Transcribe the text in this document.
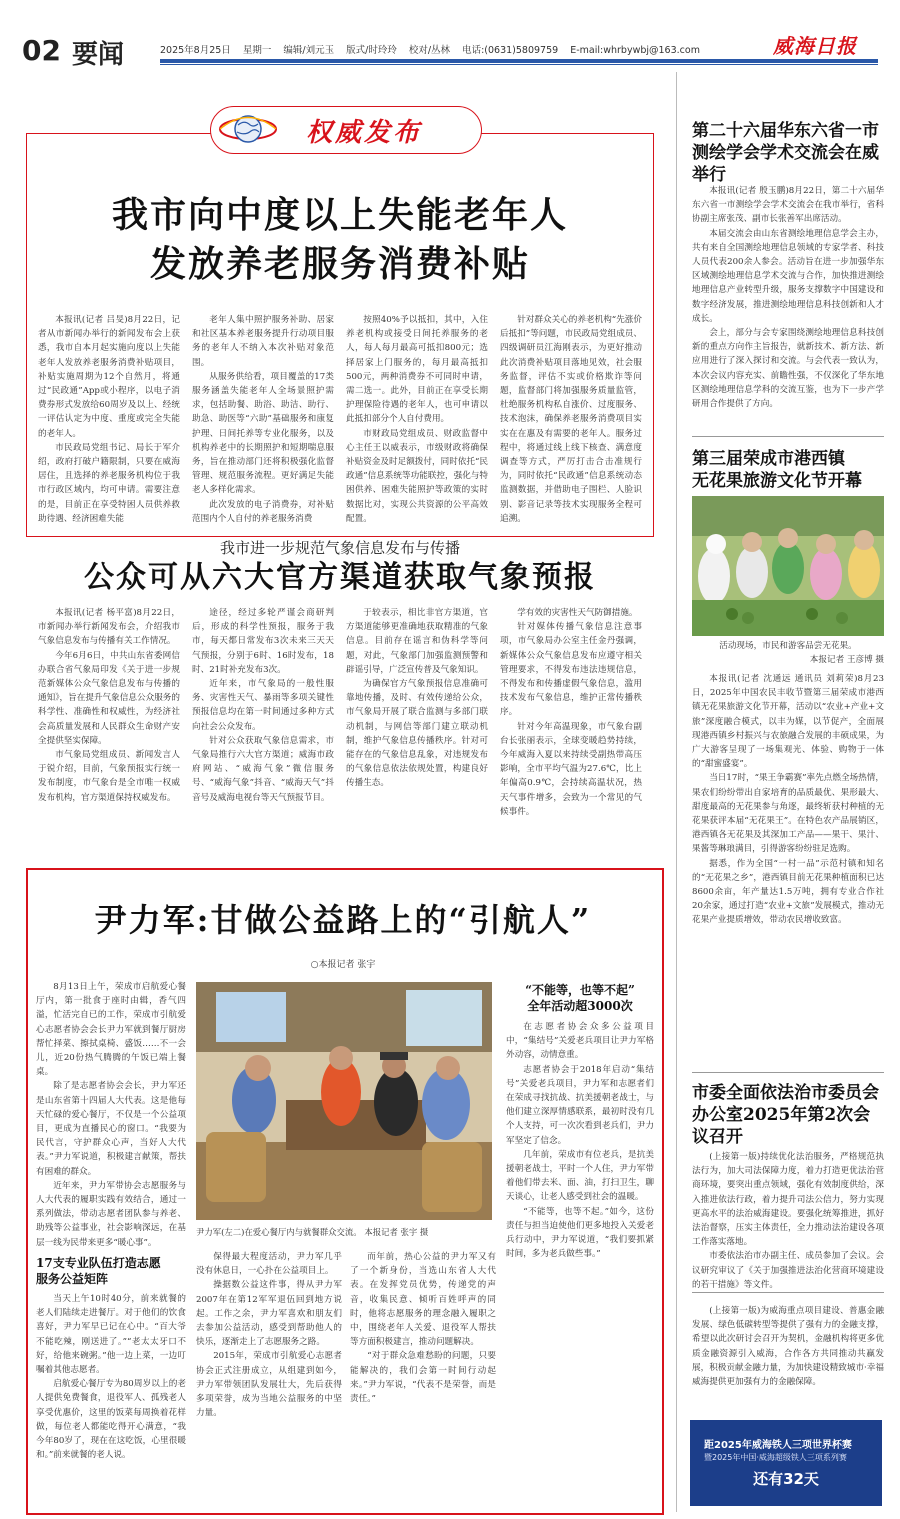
02 要闻	2025年8月25日 星期一 编辑/刘元玉 版式/时玲玲 校对/丛林 电话:(0631)5809759 E-mail:whrbywbj@163.com	威海日报
权威发布
我市向中度以上失能老年人
发放养老服务消费补贴

本报讯(记者 吕旻)8月22日，记者从市新闻办举行的新闻发布会上获悉，我市自本月起实施向度以上失能老年人发放养老服务消费补贴项目，补贴实施周期为12个自然月，将通过“民政通”App或小程序，以电子消费券形式发放给60周岁及以上、经统一评估认定为中度、重度或完全失能的老年人。

市民政局党组书记、局长于军介绍，政府打破户籍限制，只要在威海居住，且选择的养老服务机构位于我市行政区域内，均可申请。需要注意的是，目前正在享受特困人员供养救助待遇、经济困难失能

老年人集中照护服务补助、居家和社区基本养老服务提升行动项目服务的老年人不纳入本次补贴对象范围。

从服务供给看，项目覆盖的17类服务涵盖失能老年人全场景照护需求，包括助餐、助浴、助洁、助行、助急、助医等“六助”基础服务和康复护理、日间托养等专业化服务，以及机构养老中的长期照护和短期喘息服务，旨在推动部门还将积极强化监督管理、规范服务流程。更好满足失能老人多样化需求。

此次发放的电子消费券，对补贴范围内个人自付的养老服务消费

按照40%予以抵扣，其中，入住养老机构或接受日间托养服务的老人，每人每月最高可抵扣800元；选择居家上门服务的，每月最高抵扣500元，两种消费券不可同时申请，需二选一。此外，目前正在享受长期护理保险待遇的老年人，也可申请以此抵扣部分个人自付费用。

市财政局党组成员、财政监督中心主任王以威表示，市级财政将确保补贴资金及时足额拨付，同时依托“民政通”信息系统等功能联控，强化与特困供养、困难失能照护等政策的实时数据比对，实现公共资源的公平高效配置。

针对群众关心的养老机构“先涨价后抵扣”等问题，市民政局党组成员、四级调研员江海刚表示，为更好推动此次消费补贴项目落地见效，社会服务监督，评估不实或价格欺诈等问题，监督部门将加强服务质量监管，杜绝服务机构私自涨价、过度服务、技术泡沫，确保养老服务消费项目实实在在惠及有需要的老年人。服务过程中，将通过线上线下核查、满意度调查等方式，严厉打击合击准规行为，同时依托“民政通”信息系统动态监测数据，并借助电子围栏、人脸识别、影音记录等技术实现服务全程可追溯。

我市进一步规范气象信息发布与传播
公众可从六大官方渠道获取气象预报

本报讯(记者 杨平富)8月22日，市新闻办举行新闻发布会，介绍我市气象信息发布与传播有关工作情况。

今年6月6日，中共山东省委网信办联合省气象局印发《关于进一步规范新媒体公众气象信息发布与传播的通知》，旨在提升气象信息公众服务的科学性、准确性和权威性，为经济社会高质量发展和人民群众生命财产安全提供坚实保障。

市气象局党组成员、新闻发言人于锐介绍，目前，气象预报实行统一发布制度，市气象台是全市唯一权威发布机构，官方渠道保持权威发布。

途径，经过多轮严谨会商研判后，形成的科学性预报，服务于我市，每天都日常发布3次未来三天天气预报，分别于6时、16时发布，18时、21时补充发布3次。

近年来，市气象局的一般性服务、灾害性天气、暴雨等多项关键性预报信息均在第一时间通过多种方式向社会公众发布。

针对公众获取气象信息需求，市气象局推行六大官方渠道；威海市政府网站、“威海气象”微信服务号、“威海气象”抖音、“威海天气”抖音号及威海电视台等天气预报节目。

于较表示，相比非官方渠道，官方渠道能够更准确地获取精准的气象信息。目前存在谣言和伪科学等问题，对此，气象部门加强监测预警和辟谣引导，广泛宣传普及气象知识。

为确保官方气象预报信息准确可靠地传播，及时、有效传递给公众，市气象局开展了联合监测与多部门联动机制，与网信等部门建立联动机制，维护气象信息传播秩序。针对可能存在的气象信息乱象，对违规发布的气象信息依法依规处置，构建良好传播生态。

学有效的灾害性天气防御措施。

针对媒体传播气象信息注意事项，市气象局办公室主任金丹强调，新媒体公众气象信息发布应遵守相关管理要求，不得发布违法违规信息，不得发布和传播虚假气象信息，滥用技术发布气象信息，维护正常传播秩序。

针对今年高温现象，市气象台副台长张丽表示，全球变暖趋势持续，今年威海入夏以来持续受副热带高压影响，全市平均气温为27.6℃，比上年偏高0.9℃，会持续高温状况，热天气事件增多，会致为一个常见的气候事件。

尹力军:甘做公益路上的“引航人”
○本报记者 张宇

8月13日上午，荣成市启航爱心餐厅内，第一批食于座时由辑，香气四溢，忙活完自已的工作，荣成市引航爱心志愿者协会会长尹力军就到餐厅厨房帮忙择菜、擦拭桌椅、盛饭……不一会儿，近20份热气腾腾的午饭已端上餐桌。

除了是志愿者协会会长，尹力军还是山东省第十四届人大代表。这是他每天忙碌的爱心餐厅，不仅是一个公益项目，更成为直播民心的窗口。“我要为民代言，守护群众心声，当好人大代表。”尹力军说道，积极建言献策，帮扶有困难的群众。

近年来，尹力军带协会志愿服务与人大代表的履职实践有效结合，通过一系列做法，带动志愿者团队参与养老、助残等公益事业，社会影响深远，在基层一线为民带来更多“暖心事”。

尹力军(左二)在爱心餐厅内与就餐群众交流。 本报记者 张宇 摄
“不能等，也等不起”
全年活动超3000次

在志愿者协会众多公益项目中，“集结号”关爱老兵项目让尹力军格外动容，动情意重。

志愿者协会于2018年启动“集结号”关爱老兵项目，尹力军和志愿者们在荣成寻找抗战、抗美援朝老战士，与他们建立深厚情感联系，最初时没有几个人支持，可一次次看到老兵们，尹力军坚定了信念。

几年前，荣成市有位老兵，是抗美援朝老战士，平时一个人住，尹力军带着他们带去米、面、油，打扫卫生，聊天谈心，让老人感受到社会的温暖。

“不能等，也等不起。”如今，这份责任与担当迫使他们更多地投入关爱老兵行动中，尹力军说道，“我们要抓紧时间，多为老兵做些事。”

17支专业队伍打造志愿
服务公益矩阵

当天上午10时40分，前来就餐的老人们陆续走进餐厅。对于他们的饮食喜好，尹力军早已记在心中。“百大爷不能吃辣，刚送进了。”“老太太牙口不好，给他来碗粥。”他一边上菜，一边叮嘱着其他志愿者。

启航爱心餐厅专为80周岁以上的老人提供免费餐食，退役军人、孤残老人享受优惠价，这里的饭菜每周换着花样做，每位老人都能吃得开心满意，“我今年80岁了，现在在这吃饭，心里很暖和。”前来就餐的老人说。

保得最大程度活动，尹力军几乎没有休息日，一心扑在公益项目上。

操据数公益这件事，得从尹力军2007年在第12军军退伍回到地方说起。工作之余，尹力军喜欢和朋友们去参加公益活动，感受到帮助他人的快乐，逐渐走上了志愿服务之路。

2015年，荣成市引航爱心志愿者协会正式注册成立，从组建到如今，尹力军带领团队发展壮大，先后获得多项荣誉，成为当地公益服务的中坚力量。

而年前，热心公益的尹力军又有了一个新身份，当选山东省人大代表。在发挥党员优势，传递党的声音，收集民意、倾听百姓呼声的同时，他将志愿服务的理念融入履职之中，围绕老年人关爱、退役军人帮扶等方面积极建言，推动问题解决。

“对于群众急难愁盼的问题，只要能解决的，我们会第一时间行动起来。”尹力军说，“代表不是荣誉，而是责任。”

第二十六届华东六省一市测绘学会学术交流会在威举行

本报讯(记者 殷玉鹏)8月22日，第二十六届华东六省一市测绘学会学术交流会在我市举行，省科协副主席张茂、副市长张善军出席活动。

本届交流会由山东省测绘地理信息学会主办，共有来自全国测绘地理信息领域的专家学者、科技人员代表200余人参会。活动旨在进一步加强华东区域测绘地理信息学术交流与合作，加快推进测绘地理信息产业转型升级，服务支撑数字中国建设和数字经济发展，推进测绘地理信息科技创新和人才成长。

会上，部分与会专家围绕测绘地理信息科技创新的重点方向作主旨报告，就新技术、新方法、新应用进行了深入探讨和交流。与会代表一致认为，本次会议内容充实、前瞻性强，不仅深化了华东地区测绘地理信息学科的交流互鉴，也为下一步产学研用合作提供了方向。

第三届荣成市港西镇
无花果旅游文化节开幕
活动现场，市民和游客品尝无花果。
本报记者 王彦博 摄

本报讯(记者 沈通远 通讯员 刘莉荣)8月23日，2025年中国农民丰收节暨第三届荣成市港西镇无花果旅游文化节开幕，活动以“农业+产业+文旅”深度融合模式，以丰为媒，以节促产，全面展现港西镇乡村振兴与农旅融合发展的丰硕成果，为广大游客呈现了一场集观光、体验、购物于一体的“甜蜜盛宴”。

当日17时，“果王争霸赛”率先点燃全场热情，果农们纷纷带出自家培育的品质最优、果形最大、甜度最高的无花果参与角逐，最终斩获村种植的无花果获评本届“无花果王”。在特色农产品展销区，港西镇各无花果及其深加工产品——果干、果汁、果酱等琳琅满目，引得游客纷纷驻足选购。

据悉，作为全国“一村一品”示范村镇和知名的“无花果之乡”，港西镇目前无花果种植面积已达8600余亩，年产量达1.5万吨，拥有专业合作社20余家，通过打造“农业+文旅”发展模式，推动无花果产业提质增效，带动农民增收致富。

市委全面依法治市委员会办公室2025年第2次会议召开

(上接第一版)持续优化法治服务，严格规范执法行为，加大司法保障力度，着力打造更优法治营商环境，要突出重点领域，强化有效制度供给，深入推进依法行政，着力提升司法公信力，努力实现更高水平的法治威海建设。要强化统筹推进，抓好法治督察，压实主体责任，全力推动法治建设各项工作落实落地。

市委依法治市办副主任、成员参加了会议。会议研究审议了《关于加强推进法治化营商环境建设的若干措施》等文件。

(上接第一版)为威海重点项目建设、普惠金融发展、绿色低碳转型等提供了强有力的金融支撑，希望以此次研讨会召开为契机，金融机构将更多优质金融资源引入威海，合作各方共同推动共赢发展，积极贡献金融力量，为加快建设精致城市·幸福威海提供更加强有力的金融保障。

距2025年威海铁人三项世界杯赛
暨2025年中国·威海超级铁人三项系列赛
还有32天
